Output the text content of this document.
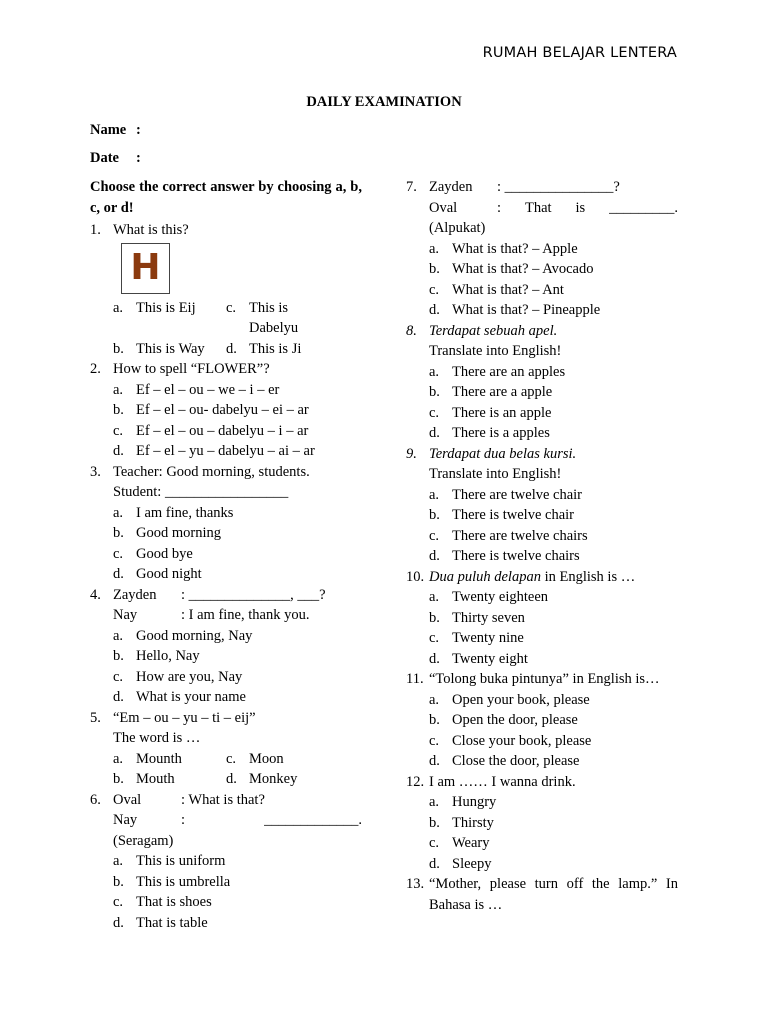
RUMAH BELAJAR LENTERA
DAILY EXAMINATION
Name :
Date :
Choose the correct answer by choosing a, b, c, or d!
1. What is this?
H
a. This is Eij c. This is Dabelyu
b. This is Way d. This is Ji
2. How to spell “FLOWER”?
a. Ef – el – ou – we – i – er
b. Ef – el – ou- dabelyu – ei – ar
c. Ef – el – ou – dabelyu – i – ar
d. Ef – el – yu – dabelyu – ai – ar
3. Teacher: Good morning, students.
Student: _________________
a. I am fine, thanks
b. Good morning
c. Good bye
d. Good night
4. Zayden	: ______________, ___?
Nay	: I am fine, thank you.
a. Good morning, Nay
b. Hello, Nay
c. How are you, Nay
d. What is your name
5. “Em – ou – yu – ti – eij”
The word is …
a. Mounth	c. Moon
b. Mouth	d. Monkey
6. Oval	: What is that?
Nay	:	_____________.
(Seragam)
a. This is uniform
b. This is umbrella
c. That is shoes
d. That is table
7. Zayden	: _______________?
Oval	: That is _________.
(Alpukat)
a. What is that? – Apple
b. What is that? – Avocado
c. What is that? – Ant
d. What is that? – Pineapple
8. Terdapat sebuah apel.
Translate into English!
a. There are an apples
b. There are a apple
c. There is an apple
d. There is a apples
9. Terdapat dua belas kursi.
Translate into English!
a. There are twelve chair
b. There is twelve chair
c. There are twelve chairs
d. There is twelve chairs
10. Dua puluh delapan in English is …
a. Twenty eighteen
b. Thirty seven
c. Twenty nine
d. Twenty eight
11. “Tolong buka pintunya” in English is…
a. Open your book, please
b. Open the door, please
c. Close your book, please
d. Close the door, please
12. I am …… I wanna drink.
a. Hungry
b. Thirsty
c. Weary
d. Sleepy
13. “Mother, please turn off the lamp.” In Bahasa is …
